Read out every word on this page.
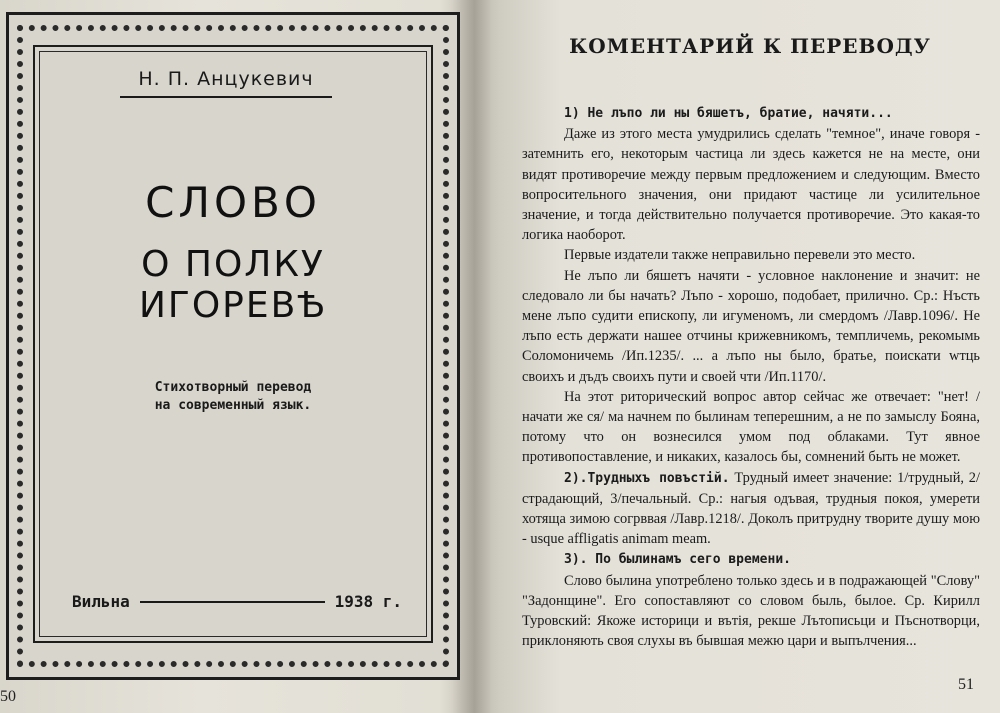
Н. П. Анцукевич
СЛОВО
О ПОЛКУ ИГОРЕВѢ
Стихотворный перевод
на современный язык.
Вильна	1938 г.
50
КОМЕНТАРИЙ К ПЕРЕВОДУ

1) Не лъпо ли ны бяшетъ, братие, начяти...

Даже из этого места умудрились сделать "темное", иначе говоря - затемнить его, некоторым частица ли здесь кажется не на месте, они видят противоречие между первым предложением и следующим. Вместо вопросительного значения, они придают частице ли усилительное значение, и тогда действительно получается противоречие. Это какая-то логика наоборот.

Первые издатели также неправильно перевели это место.

Не лъпо ли бяшетъ начяти - условное наклонение и значит: не следовало ли бы начать? Лъпо - хорошо, подобает, прилично. Ср.: Нъсть мене лъпо судити епископу, ли игуменомъ, ли смердомъ /Лавр.1096/. Не лъпо есть держати нашее отчины крижевникомъ, темпличемь, рекомымь Соломоничемь /Ип.1235/. ... а лъпо ны было, братье, поискати wтць своихъ и дъдъ своихъ пути и своей чти /Ип.1170/.

На этот риторический вопрос автор сейчас же отвечает: "нет! /начати же ся/ ма начнем по былинам теперешним, а не по замыслу Бояна, потому что он вознесился умом под облаками. Тут явное противопоставление, и никаких, казалось бы, сомнений быть не может.

2).Трудныхъ повъстій. Трудный имеет значение: 1/трудный, 2/страдающий, 3/печальный. Ср.: нагыя одъвая, трудныя покоя, умерети хотяща зимою согрввая /Лавр.1218/. Доколъ притрудну творите душу мою - usque affligatis animam meam.

3). По былинамъ сего времени.

Слово былина употреблено только здесь и в подражающей "Слову" "Задонщине". Его сопоставляют со словом быль, былое. Ср. Кирилл Туровский: Якоже историци и вътія, рекше Лътописьци и Пъснотворци, приклоняють своя слухы въ бывшая межю цари и выпълчения...

51
